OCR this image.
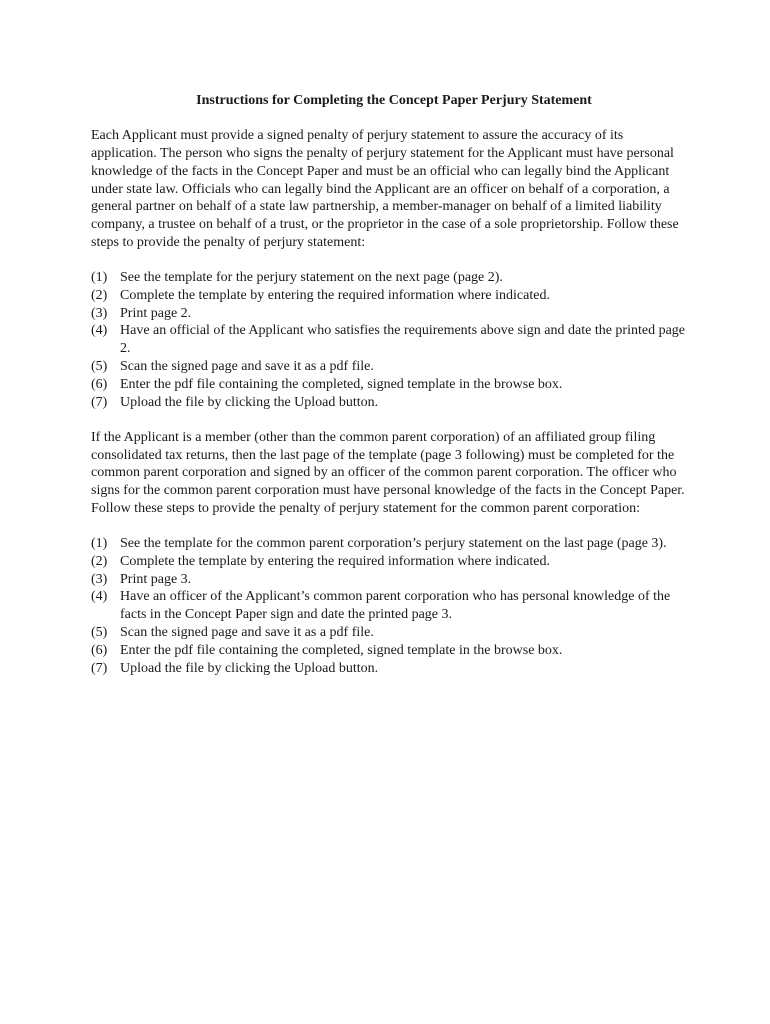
Instructions for Completing the Concept Paper Perjury Statement

Each Applicant must provide a signed penalty of perjury statement to assure the accuracy of its application. The person who signs the penalty of perjury statement for the Applicant must have personal knowledge of the facts in the Concept Paper and must be an official who can legally bind the Applicant under state law. Officials who can legally bind the Applicant are an officer on behalf of a corporation, a general partner on behalf of a state law partnership, a member-manager on behalf of a limited liability company, a trustee on behalf of a trust, or the proprietor in the case of a sole proprietorship. Follow these steps to provide the penalty of perjury statement:

(1) See the template for the perjury statement on the next page (page 2).
(2) Complete the template by entering the required information where indicated.
(3) Print page 2.
(4) Have an official of the Applicant who satisfies the requirements above sign and date the printed page 2.
(5) Scan the signed page and save it as a pdf file.
(6) Enter the pdf file containing the completed, signed template in the browse box.
(7) Upload the file by clicking the Upload button.

If the Applicant is a member (other than the common parent corporation) of an affiliated group filing consolidated tax returns, then the last page of the template (page 3 following) must be completed for the common parent corporation and signed by an officer of the common parent corporation. The officer who signs for the common parent corporation must have personal knowledge of the facts in the Concept Paper. Follow these steps to provide the penalty of perjury statement for the common parent corporation:

(1) See the template for the common parent corporation’s perjury statement on the last page (page 3).
(2) Complete the template by entering the required information where indicated.
(3) Print page 3.
(4) Have an officer of the Applicant’s common parent corporation who has personal knowledge of the facts in the Concept Paper sign and date the printed page 3.
(5) Scan the signed page and save it as a pdf file.
(6) Enter the pdf file containing the completed, signed template in the browse box.
(7) Upload the file by clicking the Upload button.
